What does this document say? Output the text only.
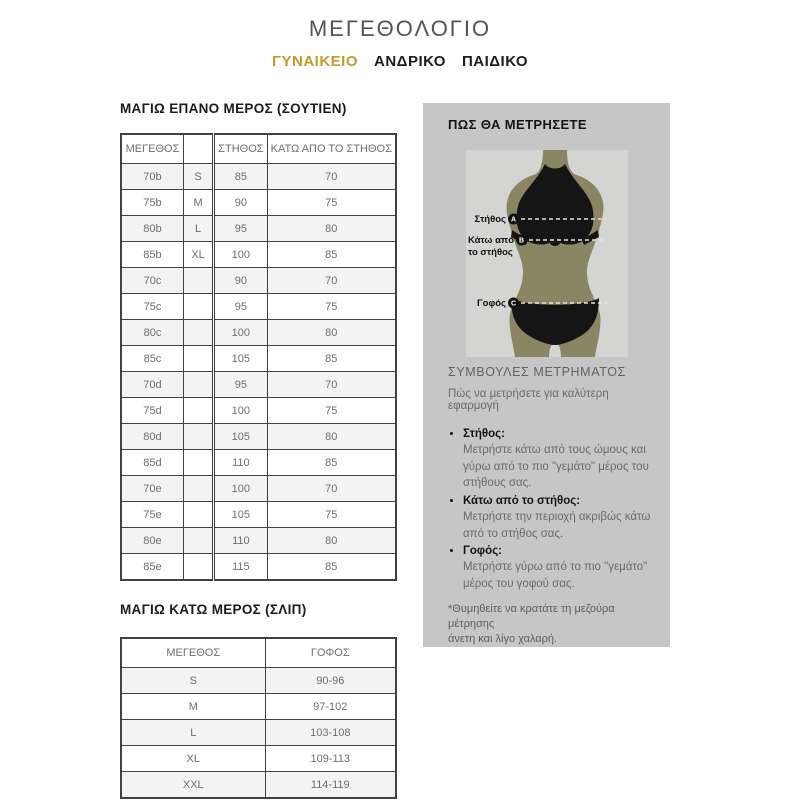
ΜΕΓΕΘΟΛΟΓΙΟ
ΓΥΝΑΙΚΕΙΟ ΑΝΔΡΙΚΟ ΠΑΙΔΙΚΟ
ΜΑΓΙΩ ΕΠΑΝΟ ΜΕΡΟΣ (ΣΟΥΤΙΕΝ)
ΜΕΓΕΘΟΣ		ΣΤΗΘΟΣ	ΚΑΤΩ ΑΠΟ ΤΟ ΣΤΗΘΟΣ
70b	S	85	70
75b	M	90	75
80b	L	95	80
85b	XL	100	85
70c		90	70
75c		95	75
80c		100	80
85c		105	85
70d		95	70
75d		100	75
80d		105	80
85d		110	85
70e		100	70
75e		105	75
80e		110	80
85e		115	85
ΜΑΓΙΩ ΚΑΤΩ ΜΕΡΟΣ (ΣΛΙΠ)
ΜΕΓΕΘΟΣ	ΓΟΦΟΣ
S	90-96
M	97-102
L	103-108
XL	109-113
XXL	114-119
ΠΩΣ ΘΑ ΜΕΤΡΗΣΕΤΕ
Στήθος A
Κάτω από B
το στήθος
Γοφός C
ΣΥΜΒΟΥΛΕΣ ΜΕΤΡΗΜΑΤΟΣ

Πώς να μετρήσετε για καλύτερη εφαρμογή

• Στήθος:
Μετρήστε κάτω από τους ώμους και γύρω από το πιο "γεμάτο" μέρος του στήθους σας.
• Κάτω από το στήθος:
Μετρήστε την περιοχή ακριβώς κάτω από το στήθος σας.
• Γοφός:
Μετρήστε γύρω από το πιο "γεμάτο" μέρος του γοφού σας.

*Θυμηθείτε να κρατάτε τη μεζούρα μέτρησης
άνετη και λίγο χαλαρή.
